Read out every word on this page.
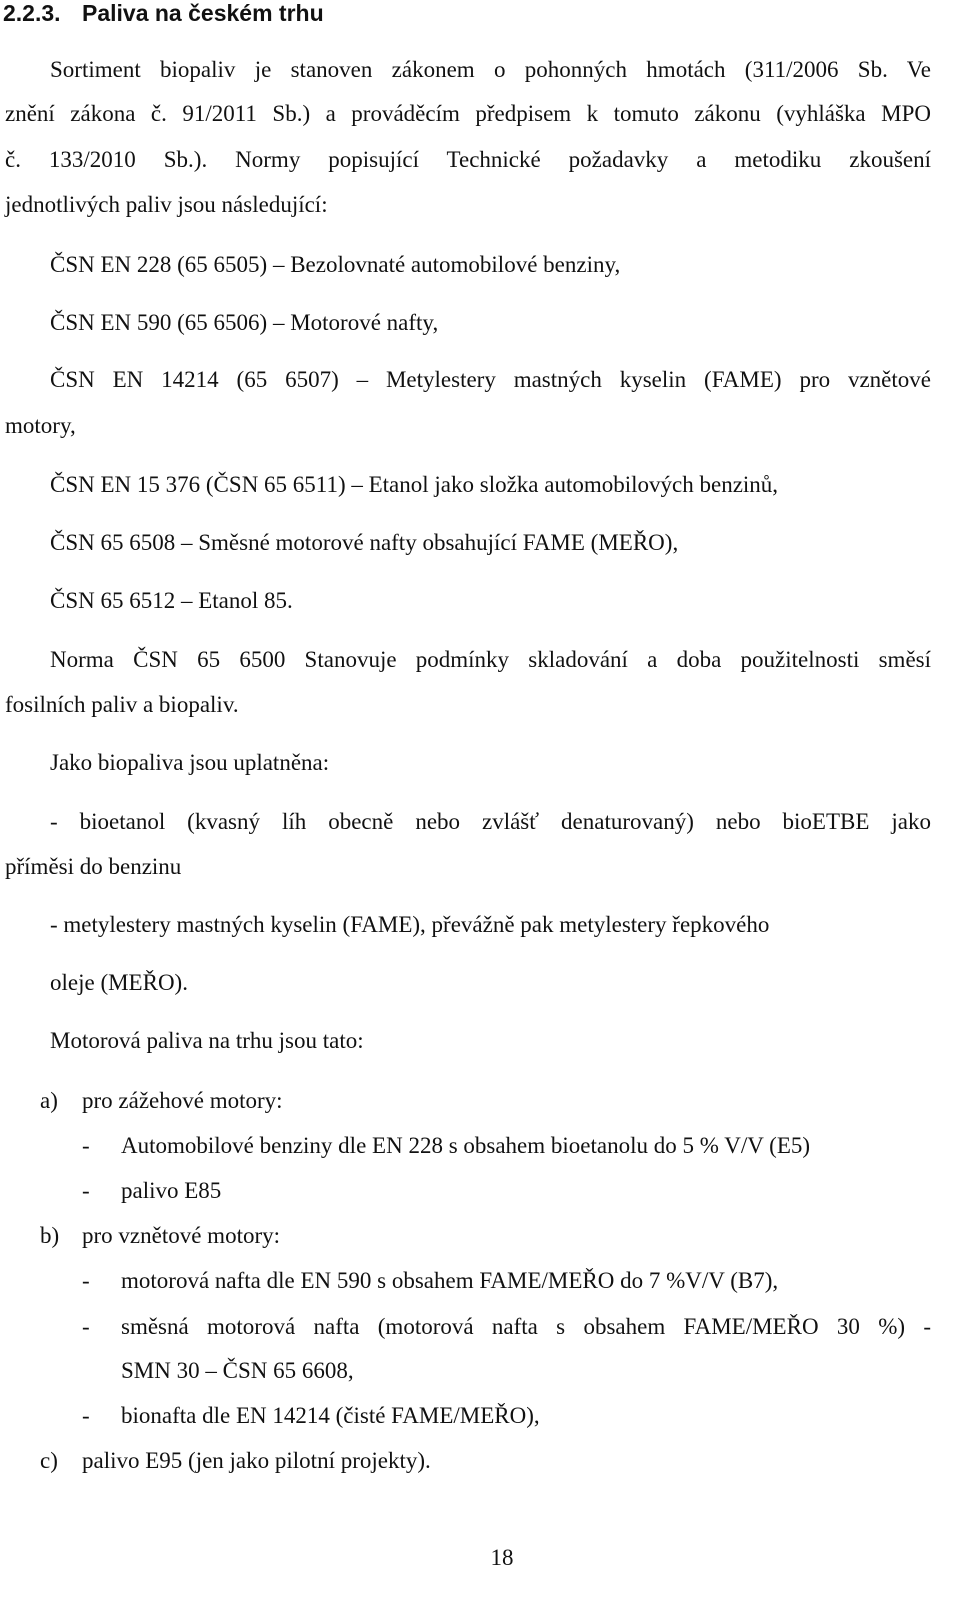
2.2.3. Paliva na českém trhu
Sortiment biopaliv je stanoven zákonem o pohonných hmotách (311/2006 Sb. Ve
znění zákona č. 91/2011 Sb.) a prováděcím předpisem k tomuto zákonu (vyhláška MPO
č. 133/2010 Sb.). Normy popisující Technické požadavky a metodiku zkoušení
jednotlivých paliv jsou následující:
ČSN EN 228 (65 6505) – Bezolovnaté automobilové benziny,
ČSN EN 590 (65 6506) – Motorové nafty,
ČSN EN 14214 (65 6507) – Metylestery mastných kyselin (FAME) pro vznětové
motory,
ČSN EN 15 376 (ČSN 65 6511) – Etanol jako složka automobilových benzinů,
ČSN 65 6508 – Směsné motorové nafty obsahující FAME (MEŘO),
ČSN 65 6512 – Etanol 85.
Norma ČSN 65 6500 Stanovuje podmínky skladování a doba použitelnosti směsí
fosilních paliv a biopaliv.
Jako biopaliva jsou uplatněna:
- bioetanol (kvasný líh obecně nebo zvlášť denaturovaný) nebo bioETBE jako
příměsi do benzinu
- metylestery mastných kyselin (FAME), převážně pak metylestery řepkového
oleje (MEŘO).
Motorová paliva na trhu jsou tato:
a) pro zážehové motory:
- Automobilové benziny dle EN 228 s obsahem bioetanolu do 5 % V/V (E5)
- palivo E85
b) pro vznětové motory:
- motorová nafta dle EN 590 s obsahem FAME/MEŘO do 7 %V/V (B7),
- směsná motorová nafta (motorová nafta s obsahem FAME/MEŘO 30 %) -
SMN 30 – ČSN 65 6608,
- bionafta dle EN 14214 (čisté FAME/MEŘO),
c) palivo E95 (jen jako pilotní projekty).
18
